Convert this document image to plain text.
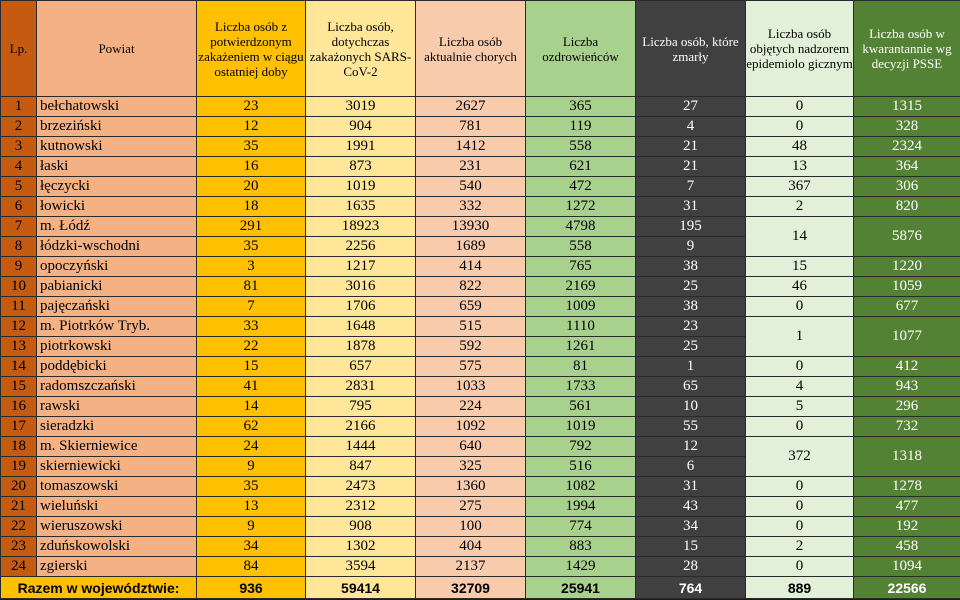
Lp.	Powiat	Liczba osób z potwierdzonym zakażeniem w ciągu ostatniej doby	Liczba osób, dotychczas zakażonych SARS-CoV-2	Liczba osób aktualnie chorych	Liczba ozdrowieńców	Liczba osób, które zmarły	Liczba osób objętych nadzorem epidemiolo gicznym	Liczba osób w kwarantannie wg decyzji PSSE
1	bełchatowski	23	3019	2627	365	27	0	1315
2	brzeziński	12	904	781	119	4	0	328
3	kutnowski	35	1991	1412	558	21	48	2324
4	łaski	16	873	231	621	21	13	364
5	łęczycki	20	1019	540	472	7	367	306
6	łowicki	18	1635	332	1272	31	2	820
7	m. Łódź	291	18923	13930	4798	195	14	5876
8	łódzki-wschodni	35	2256	1689	558	9		
9	opoczyński	3	1217	414	765	38	15	1220
10	pabianicki	81	3016	822	2169	25	46	1059
11	pajęczański	7	1706	659	1009	38	0	677
12	m. Piotrków Tryb.	33	1648	515	1110	23	1	1077
13	piotrkowski	22	1878	592	1261	25		
14	poddębicki	15	657	575	81	1	0	412
15	radomszczański	41	2831	1033	1733	65	4	943
16	rawski	14	795	224	561	10	5	296
17	sieradzki	62	2166	1092	1019	55	0	732
18	m. Skierniewice	24	1444	640	792	12	372	1318
19	skierniewicki	9	847	325	516	6		
20	tomaszowski	35	2473	1360	1082	31	0	1278
21	wieluński	13	2312	275	1994	43	0	477
22	wieruszowski	9	908	100	774	34	0	192
23	zduńskowolski	34	1302	404	883	15	2	458
24	zgierski	84	3594	2137	1429	28	0	1094
Razem w województwie:		936	59414	32709	25941	764	889	22566
